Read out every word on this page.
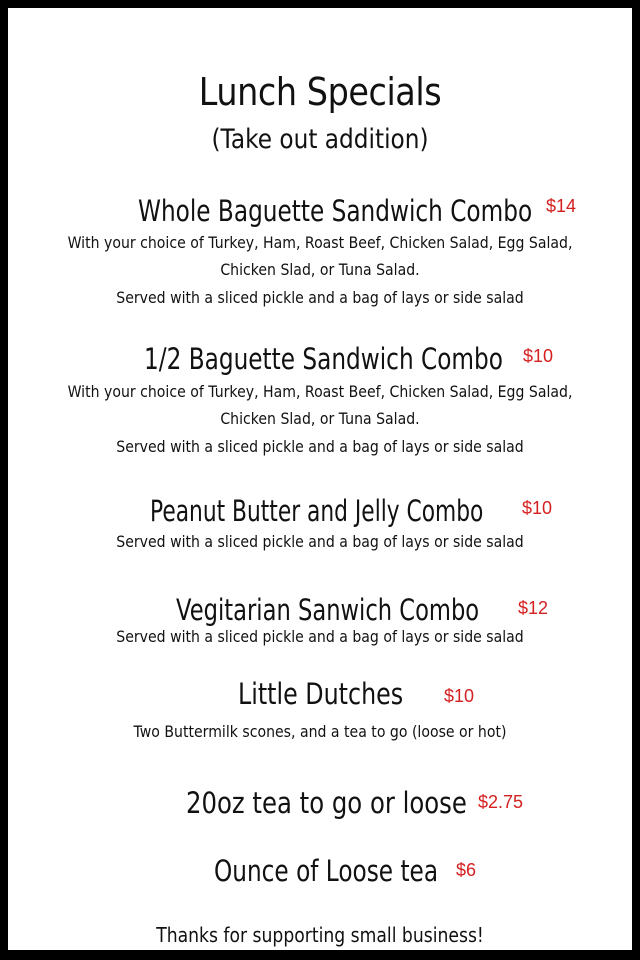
Lunch Specials
(Take out addition)
Whole Baguette Sandwich Combo $14
With your choice of Turkey, Ham, Roast Beef, Chicken Salad, Egg Salad,
Chicken Slad, or Tuna Salad.
Served with a sliced pickle and a bag of lays or side salad
1/2 Baguette Sandwich Combo $10
With your choice of Turkey, Ham, Roast Beef, Chicken Salad, Egg Salad,
Chicken Slad, or Tuna Salad.
Served with a sliced pickle and a bag of lays or side salad
Peanut Butter and Jelly Combo $10
Served with a sliced pickle and a bag of lays or side salad
Vegitarian Sanwich Combo $12
Served with a sliced pickle and a bag of lays or side salad
Little Dutches $10
Two Buttermilk scones, and a tea to go (loose or hot)
20oz tea to go or loose $2.75
Ounce of Loose tea $6
Thanks for supporting small business!
